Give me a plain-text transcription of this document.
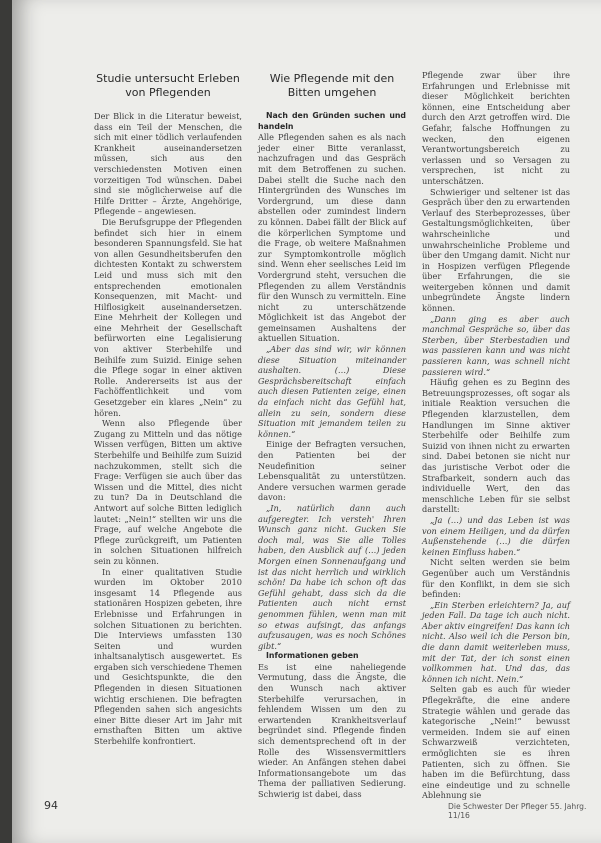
Studie untersucht Erleben von Pflegenden

Der Blick in die Literatur beweist, dass ein Teil der Menschen, die sich mit einer tödlich verlaufenden Krankheit auseinandersetzen müssen, sich aus den verschiedensten Motiven einen vorzeitigen Tod wünschen. Dabei sind sie möglicherweise auf die Hilfe Dritter – Ärzte, Angehörige, Pflegende – angewiesen.

Die Berufsgruppe der Pflegenden befindet sich hier in einem besonderen Spannungsfeld. Sie hat von allen Gesundheitsberufen den dichtesten Kontakt zu schwerstem Leid und muss sich mit den entsprechenden emotionalen Konsequenzen, mit Macht- und Hilflosigkeit auseinandersetzen. Eine Mehrheit der Kollegen und eine Mehrheit der Gesellschaft befürworten eine Legalisierung von aktiver Sterbehilfe und Beihilfe zum Suizid. Einige sehen die Pflege sogar in einer aktiven Rolle. Andererseits ist aus der Fachöffentlichkeit und vom Gesetzgeber ein klares „Nein“ zu hören.

Wenn also Pflegende über Zugang zu Mitteln und das nötige Wissen verfügen, Bitten um aktive Sterbehilfe und Beihilfe zum Suizid nachzukommen, stellt sich die Frage: Verfügen sie auch über das Wissen und die Mittel, dies nicht zu tun? Da in Deutschland die Antwort auf solche Bitten lediglich lautet: „Nein!“ stellten wir uns die Frage, auf welche Angebote die Pflege zurückgreift, um Patienten in solchen Situationen hilfreich sein zu können.

In einer qualitativen Studie wurden im Oktober 2010 insgesamt 14 Pflegende aus stationären Hospizen gebeten, ihre Erlebnisse und Erfahrungen in solchen Situationen zu berichten. Die Interviews umfassten 130 Seiten und wurden inhaltsanalytisch ausgewertet. Es ergaben sich verschiedene Themen und Gesichtspunkte, die den Pflegenden in diesen Situationen wichtig erschienen. Die befragten Pflegenden sahen sich angesichts einer Bitte dieser Art im Jahr mit ernsthaften Bitten um aktive Sterbehilfe konfrontiert.

Wie Pflegende mit den Bitten umgehen

Nach den Gründen suchen und handeln

Alle Pflegenden sahen es als nach jeder einer Bitte veranlasst, nachzufragen und das Gespräch mit dem Betroffenen zu suchen. Dabei stellt die Suche nach den Hintergründen des Wunsches im Vordergrund, um diese dann abstellen oder zumindest lindern zu können. Dabei fällt der Blick auf die körperlichen Symptome und die Frage, ob weitere Maßnahmen zur Symptomkontrolle möglich sind. Wenn eher seelisches Leid im Vordergrund steht, versuchen die Pflegenden zu allem Verständnis für den Wunsch zu vermitteln. Eine nicht zu unterschätzende Möglichkeit ist das Angebot der gemeinsamen Aushaltens der aktuellen Situation.

„Aber das sind wir, wir können diese Situation miteinander aushalten. (…) Diese Gesprächsbereitschaft einfach auch diesen Patienten zeige, einen da einfach nicht das Gefühl hat, allein zu sein, sondern diese Situation mit jemandem teilen zu können.“

Einige der Befragten versuchen, den Patienten bei der Neudefinition seiner Lebensqualität zu unterstützen. Andere versuchen warmen gerade davon:

„In, natürlich dann auch aufgeregter. Ich versteh' Ihren Wunsch ganz nicht. Gucken Sie doch mal, was Sie alle Tolles haben, den Ausblick auf (…) jeden Morgen einen Sonnenaufgang und ist das nicht herrlich und wirklich schön! Da habe ich schon oft das Gefühl gehabt, dass sich da die Patienten auch nicht ernst genommen fühlen, wenn man mit so etwas aufsingt, das anfangs aufzusaugen, was es noch Schönes gibt.“

Informationen geben

Es ist eine naheliegende Vermutung, dass die Ängste, die den Wunsch nach aktiver Sterbehilfe verursachen, in fehlendem Wissen um den zu erwartenden Krankheitsverlauf begründet sind. Pflegende finden sich dementsprechend oft in der Rolle des Wissensvermittlers wieder. An Anfängen stehen dabei Informationsangebote um das Thema der palliativen Sedierung. Schwierig ist dabei, dass

Pflegende zwar über ihre Erfahrungen und Erlebnisse mit dieser Möglichkeit berichten können, eine Entscheidung aber durch den Arzt getroffen wird. Die Gefahr, falsche Hoffnungen zu wecken, den eigenen Verantwortungsbereich zu verlassen und so Versagen zu versprechen, ist nicht zu unterschätzen.

Schwieriger und seltener ist das Gespräch über den zu erwartenden Verlauf des Sterbeprozesses, über Gestaltungsmöglichkeiten, über wahrscheinliche und unwahrscheinliche Probleme und über den Umgang damit. Nicht nur in Hospizen verfügen Pflegende über Erfahrungen, die sie weitergeben können und damit unbegründete Ängste lindern können.

„Dann ging es aber auch manchmal Gespräche so, über das Sterben, über Sterbestadien und was passieren kann und was nicht passieren kann, was schnell nicht passieren wird.“

Häufig gehen es zu Beginn des Betreuungsprozesses, oft sogar als initiale Reaktion versuchen die Pflegenden klarzustellen, dem Handlungen im Sinne aktiver Sterbehilfe oder Beihilfe zum Suizid von ihnen nicht zu erwarten sind. Dabei betonen sie nicht nur das juristische Verbot oder die Strafbarkeit, sondern auch das individuelle Wert, den das menschliche Leben für sie selbst darstellt:

„Ja (…) und das Leben ist was von einem Heiligen, und da dürfen Außenstehende (…) die dürfen keinen Einfluss haben.“

Nicht selten werden sie beim Gegenüber auch um Verständnis für den Konflikt, in dem sie sich befinden:

„Ein Sterben erleichtern? Ja, auf jeden Fall. Da tage ich auch nicht. Aber aktiv eingreifen! Das kann ich nicht. Also weil ich die Person bin, die dann damit weiterleben muss, mit der Tat, der ich sonst einen vollkommen hat. Und das, das können ich nicht. Nein.“

Selten gab es auch für wieder Pflegekräfte, die eine andere Strategie wählen und gerade das kategorische „Nein!“ bewusst vermeiden. Indem sie auf einen Schwarzweiß verzichteten, ermöglichten sie es ihren Patienten, sich zu öffnen. Sie haben im die Befürchtung, dass eine eindeutige und zu schnelle Ablehnung sie

94	Die Schwester Der Pfleger 55. Jahrg. 11/16
